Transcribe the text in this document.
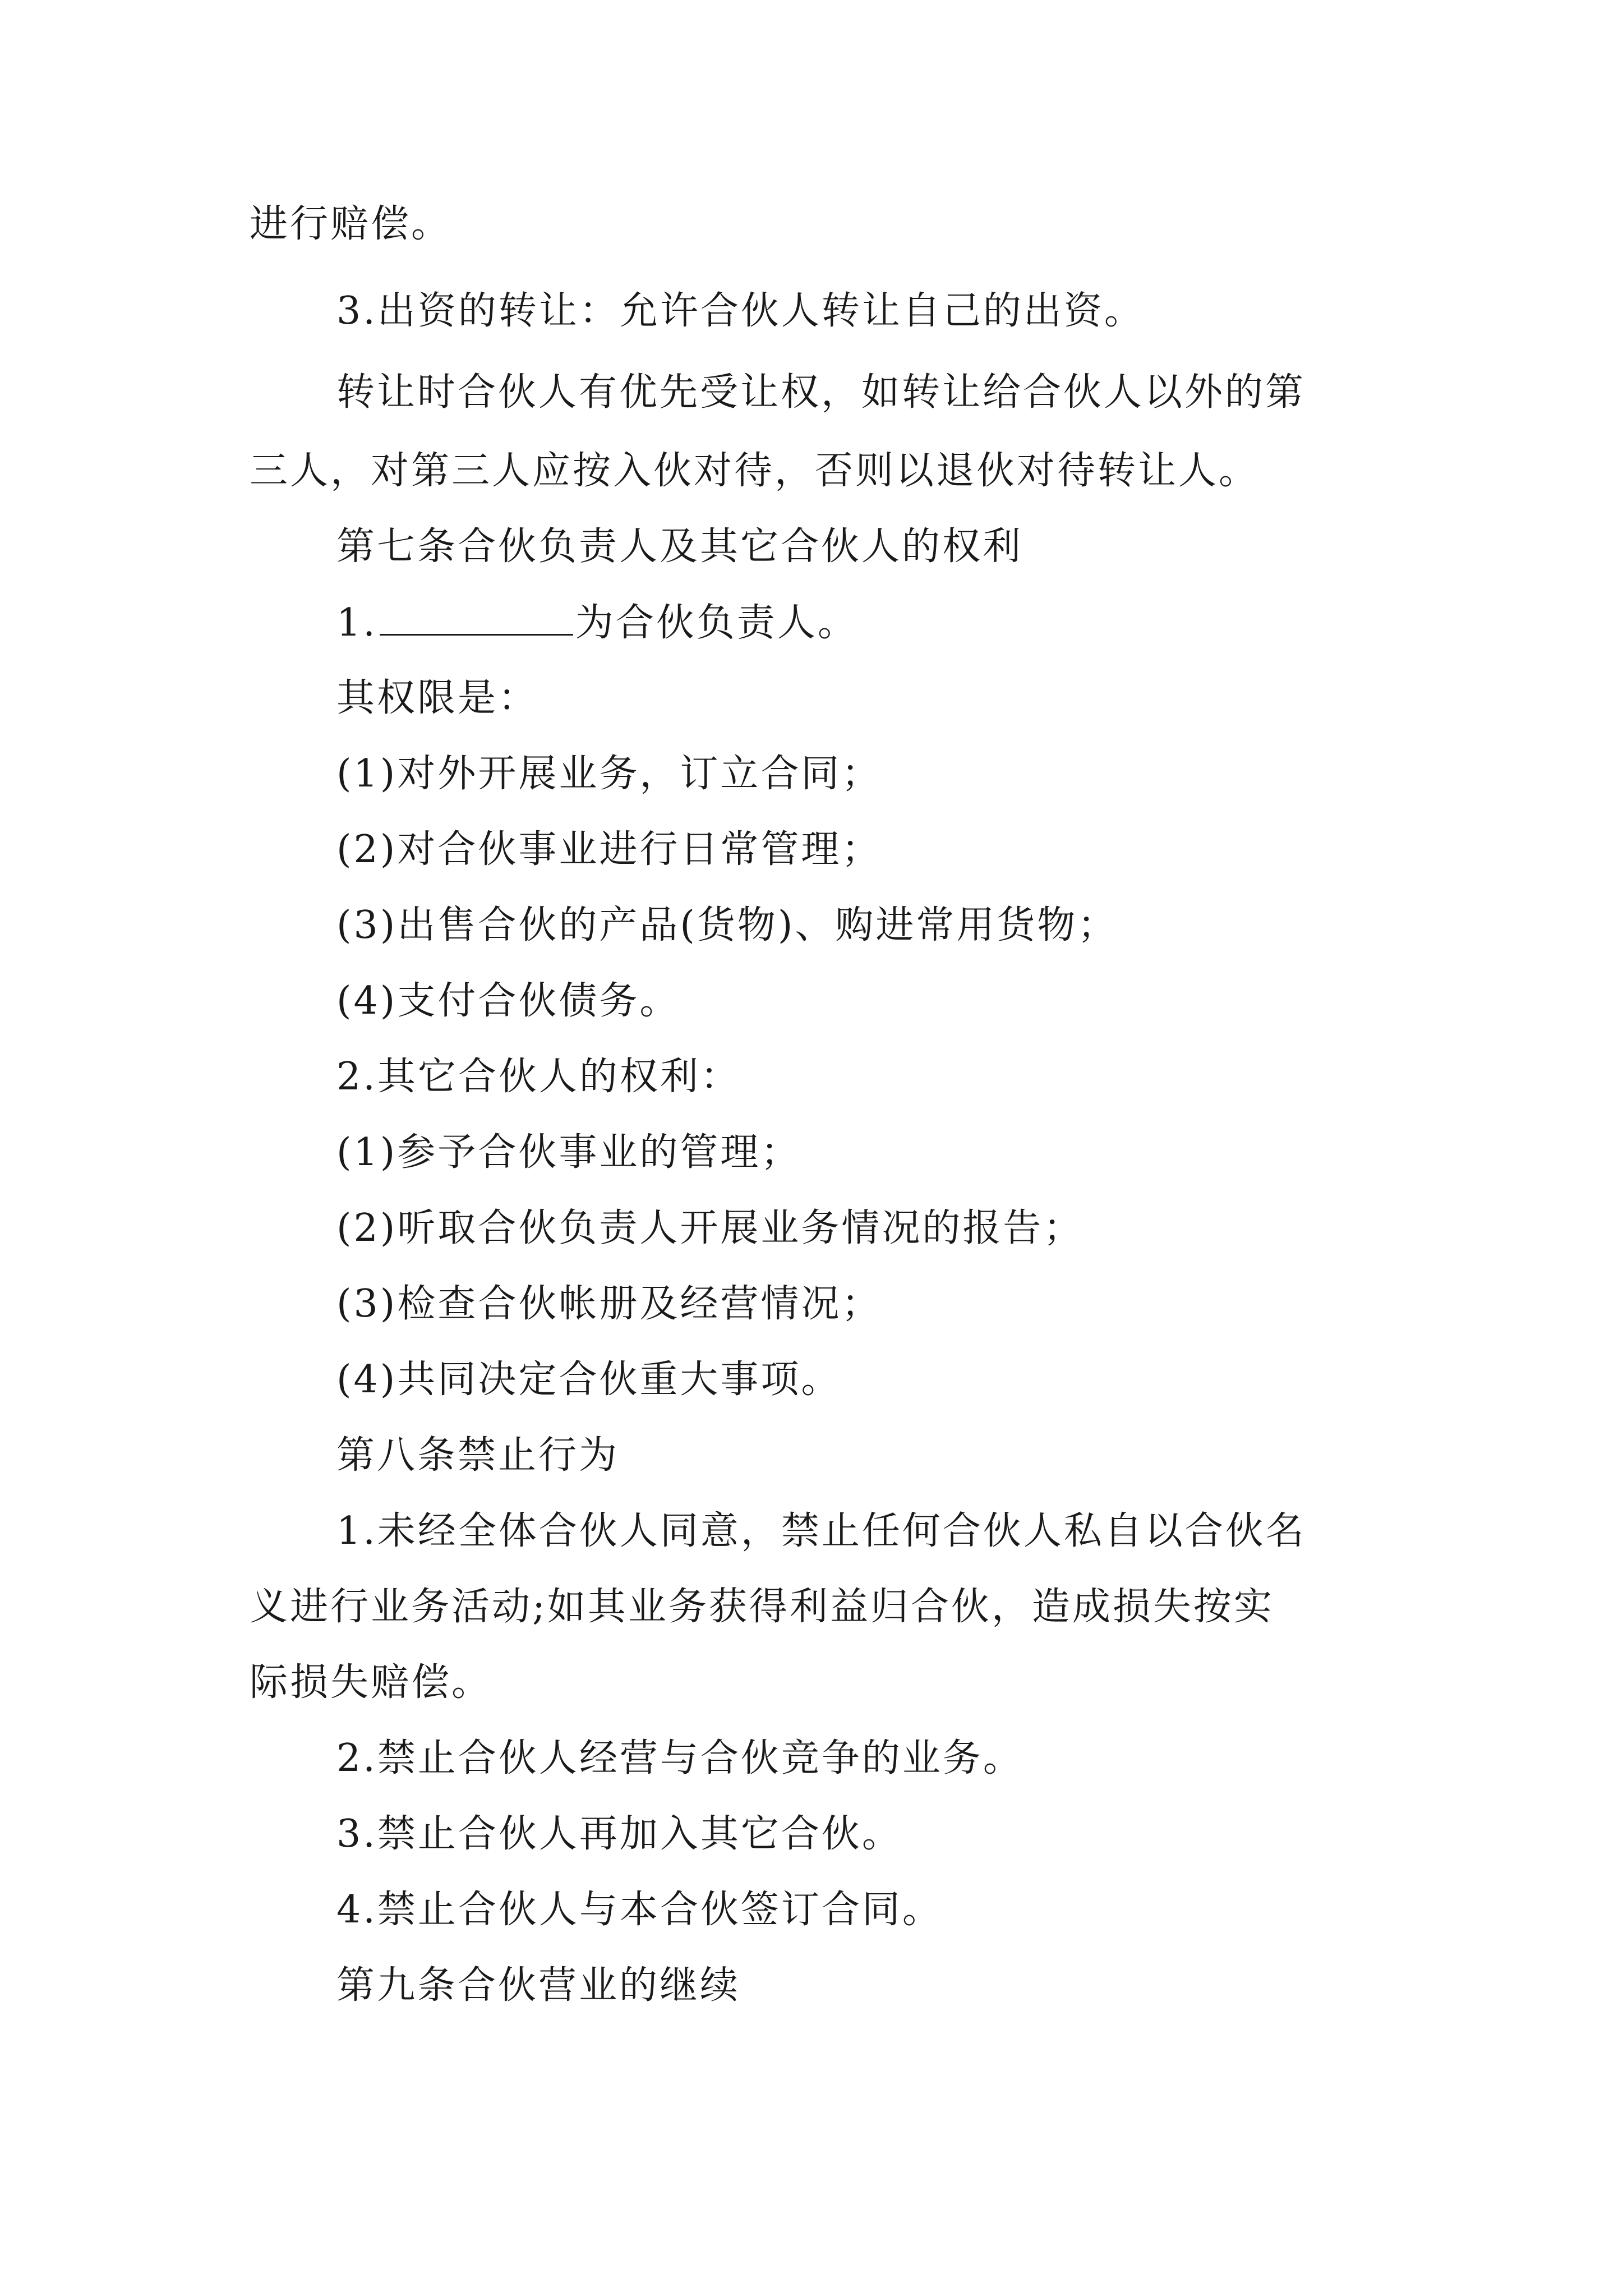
进行赔偿。
3.出资的转让：允许合伙人转让自己的出资。
转让时合伙人有优先受让权，如转让给合伙人以外的第
三人，对第三人应按入伙对待，否则以退伙对待转让人。
第七条合伙负责人及其它合伙人的权利
1.	为合伙负责人。
其权限是：
(1)对外开展业务，订立合同；
(2)对合伙事业进行日常管理；
(3)出售合伙的产品(货物)、购进常用货物；
(4)支付合伙债务。
2.其它合伙人的权利：
(1)参予合伙事业的管理；
(2)听取合伙负责人开展业务情况的报告；
(3)检查合伙帐册及经营情况；
(4)共同决定合伙重大事项。
第八条禁止行为
1.未经全体合伙人同意，禁止任何合伙人私自以合伙名
义进行业务活动;如其业务获得利益归合伙，造成损失按实
际损失赔偿。
2.禁止合伙人经营与合伙竞争的业务。
3.禁止合伙人再加入其它合伙。
4.禁止合伙人与本合伙签订合同。
第九条合伙营业的继续
